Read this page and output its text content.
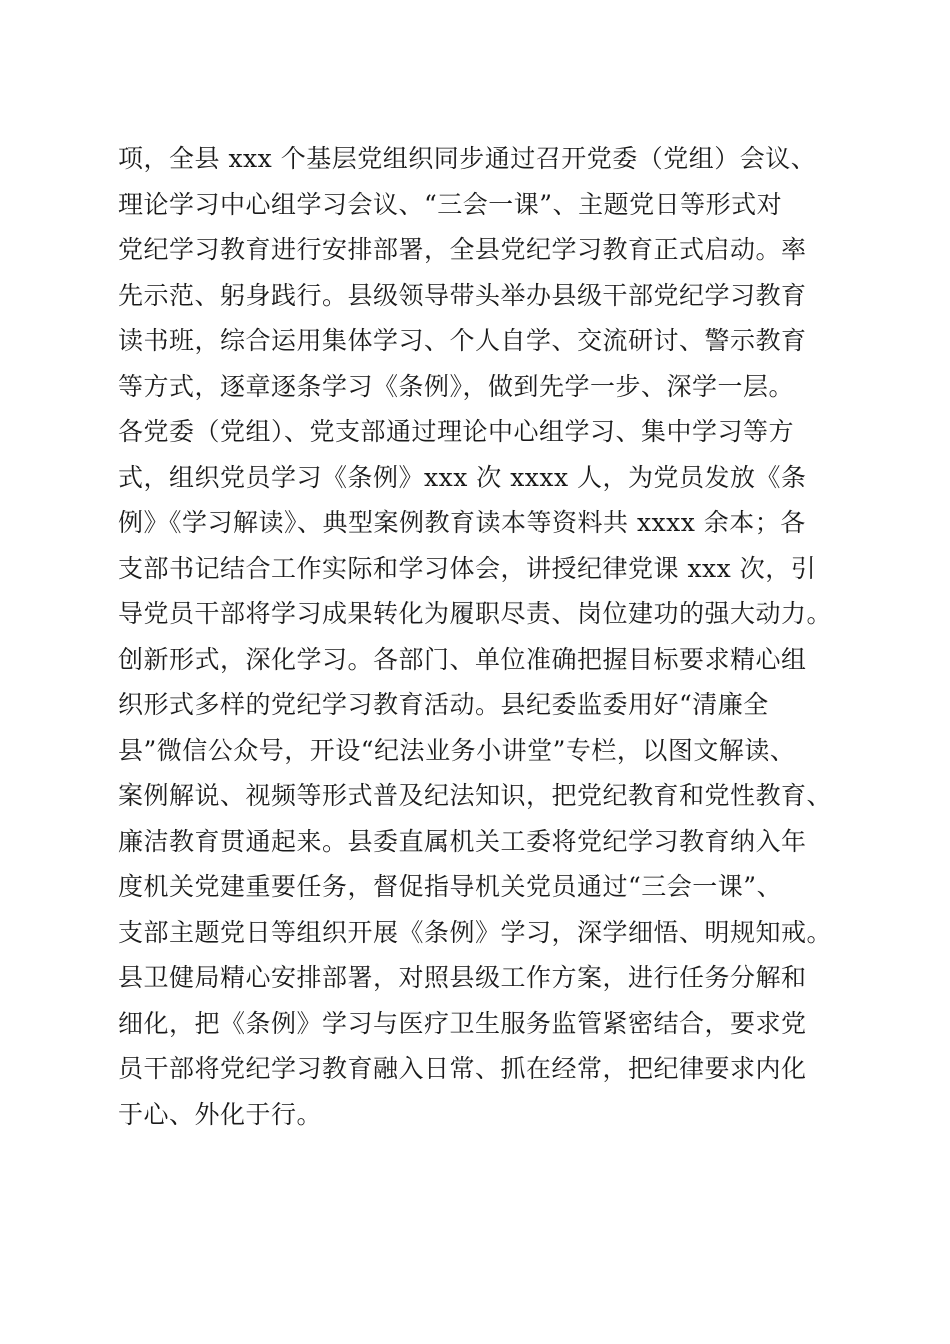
项，全县 xxx 个基层党组织同步通过召开党委（党组）会议、
理论学习中心组学习会议、“三会一课”、主题党日等形式对
党纪学习教育进行安排部署，全县党纪学习教育正式启动。率
先示范、躬身践行。县级领导带头举办县级干部党纪学习教育
读书班，综合运用集体学习、个人自学、交流研讨、警示教育
等方式，逐章逐条学习《条例》，做到先学一步、深学一层。
各党委（党组）、党支部通过理论中心组学习、集中学习等方
式，组织党员学习《条例》xxx 次 xxxx 人，为党员发放《条
例》《学习解读》、典型案例教育读本等资料共 xxxx 余本；各
支部书记结合工作实际和学习体会，讲授纪律党课 xxx 次，引
导党员干部将学习成果转化为履职尽责、岗位建功的强大动力。
创新形式，深化学习。各部门、单位准确把握目标要求精心组
织形式多样的党纪学习教育活动。县纪委监委用好“清廉全
县”微信公众号，开设“纪法业务小讲堂”专栏，以图文解读、
案例解说、视频等形式普及纪法知识，把党纪教育和党性教育、
廉洁教育贯通起来。县委直属机关工委将党纪学习教育纳入年
度机关党建重要任务，督促指导机关党员通过“三会一课”、
支部主题党日等组织开展《条例》学习，深学细悟、明规知戒。
县卫健局精心安排部署，对照县级工作方案，进行任务分解和
细化，把《条例》学习与医疗卫生服务监管紧密结合，要求党
员干部将党纪学习教育融入日常、抓在经常，把纪律要求内化
于心、外化于行。
